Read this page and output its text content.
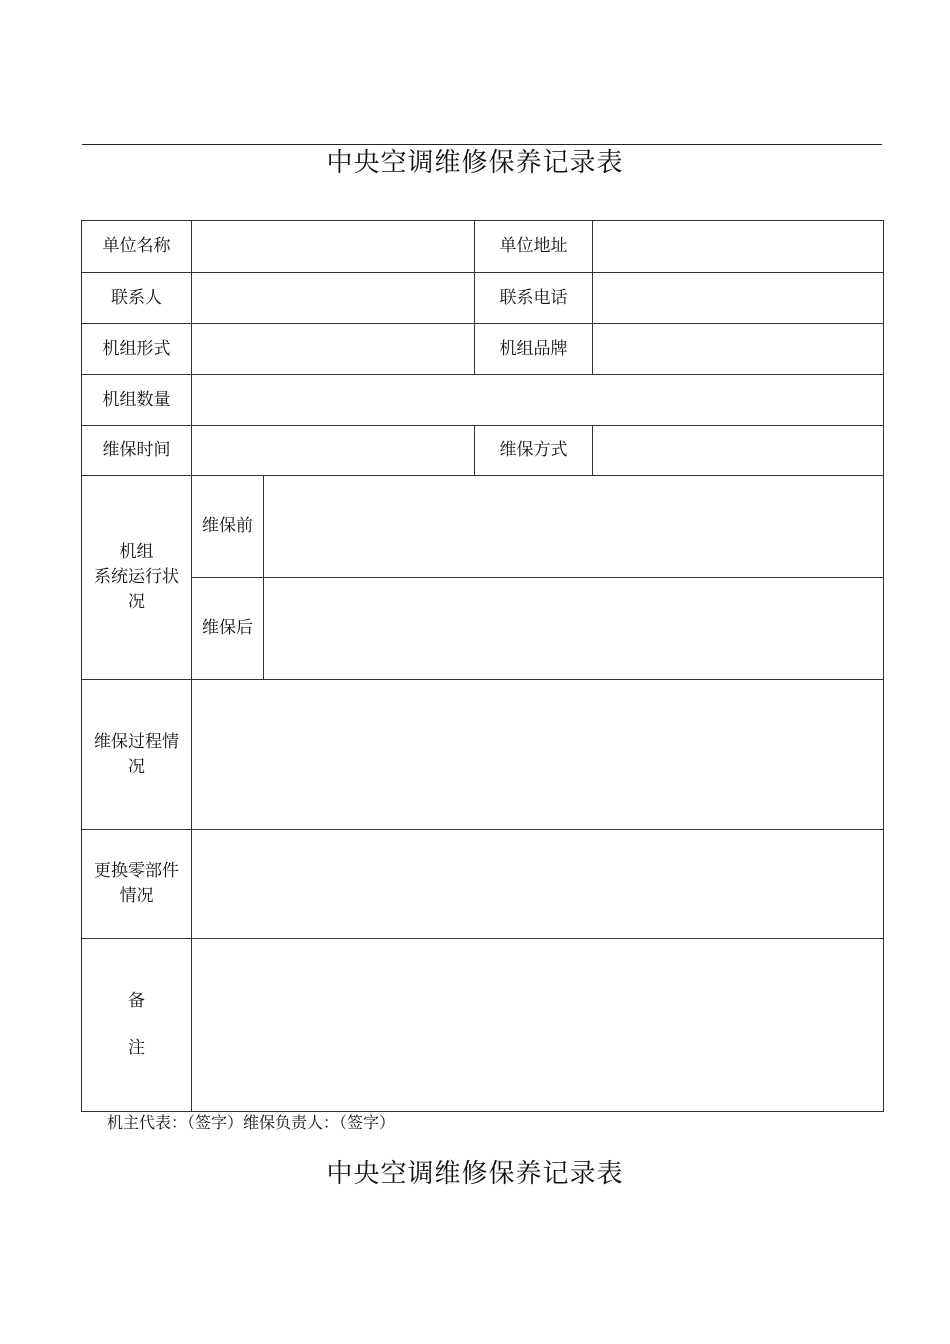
中央空调维修保养记录表
单位名称			单位地址	
联系人			联系电话	
机组形式			机组品牌	
机组数量				
维保时间			维保方式	

机组
系统运行状
况	维保前			
	维保后			

维保过程情
况				

更换零部件
情况				

备
注				

机主代表：（签字）维保负责人：（签字）
中央空调维修保养记录表
